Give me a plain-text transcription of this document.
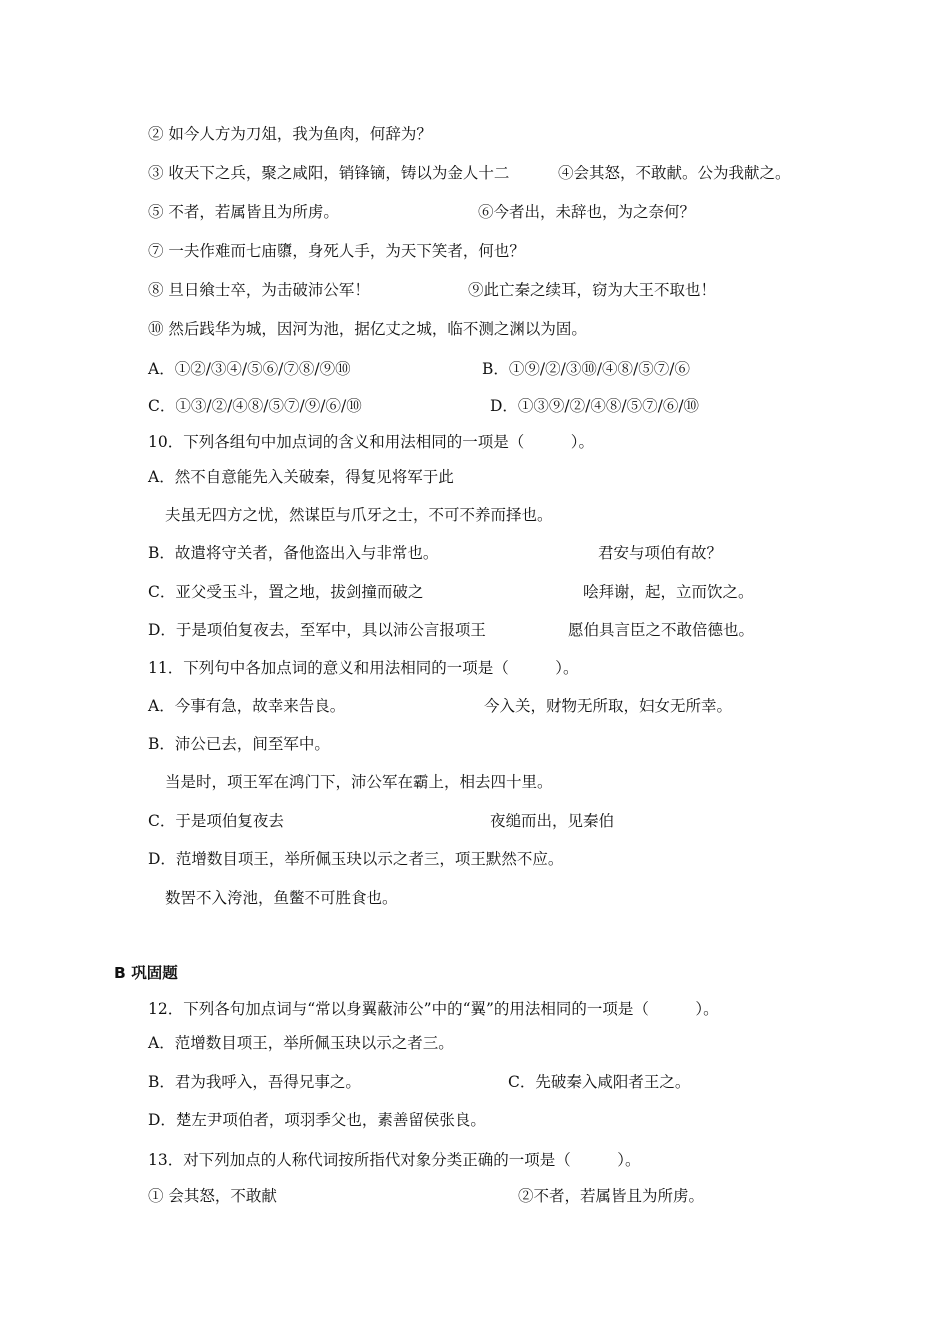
② 如今人方为刀俎，我为鱼肉，何辞为？
③ 收天下之兵，聚之咸阳，销锋镝，铸以为金人十二	④会其怒，不敢献。公为我献之。
⑤ 不者，若属皆且为所虏。	⑥今者出，未辞也，为之奈何？
⑦ 一夫作难而七庙隳，身死人手，为天下笑者，何也？
⑧ 旦日飨士卒，为击破沛公军！	⑨此亡秦之续耳，窃为大王不取也！
⑩ 然后践华为城，因河为池，据亿丈之城，临不测之渊以为固。
A．①②/③④/⑤⑥/⑦⑧/⑨⑩	B．①⑨/②/③⑩/④⑧/⑤⑦/⑥
C．①③/②/④⑧/⑤⑦/⑨/⑥/⑩	D．①③⑨/②/④⑧/⑤⑦/⑥/⑩
10．下列各组句中加点词的含义和用法相同的一项是（　　　）。
A．然不自意能先入关破秦，得复见将军于此
夫虽无四方之忧，然谋臣与爪牙之士，不可不养而择也。
B．故遣将守关者，备他盗出入与非常也。	君安与项伯有故？
C．亚父受玉斗，置之地，拔剑撞而破之	哙拜谢，起，立而饮之。
D．于是项伯复夜去，至军中，具以沛公言报项王	愿伯具言臣之不敢倍德也。
11．下列句中各加点词的意义和用法相同的一项是（　　　）。
A．今事有急，故幸来告良。	今入关，财物无所取，妇女无所幸。
B．沛公已去，间至军中。
当是时，项王军在鸿门下，沛公军在霸上，相去四十里。
C．于是项伯复夜去	夜缒而出，见秦伯
D．范增数目项王，举所佩玉玦以示之者三，项王默然不应。
数罟不入洿池，鱼鳖不可胜食也。
B 巩固题
12．下列各句加点词与“常以身翼蔽沛公”中的“翼”的用法相同的一项是（　　　）。
A．范增数目项王，举所佩玉玦以示之者三。
B．君为我呼入，吾得兄事之。	C．先破秦入咸阳者王之。
D．楚左尹项伯者，项羽季父也，素善留侯张良。
13．对下列加点的人称代词按所指代对象分类正确的一项是（　　　）。
① 会其怒，不敢献	②不者，若属皆且为所虏。
